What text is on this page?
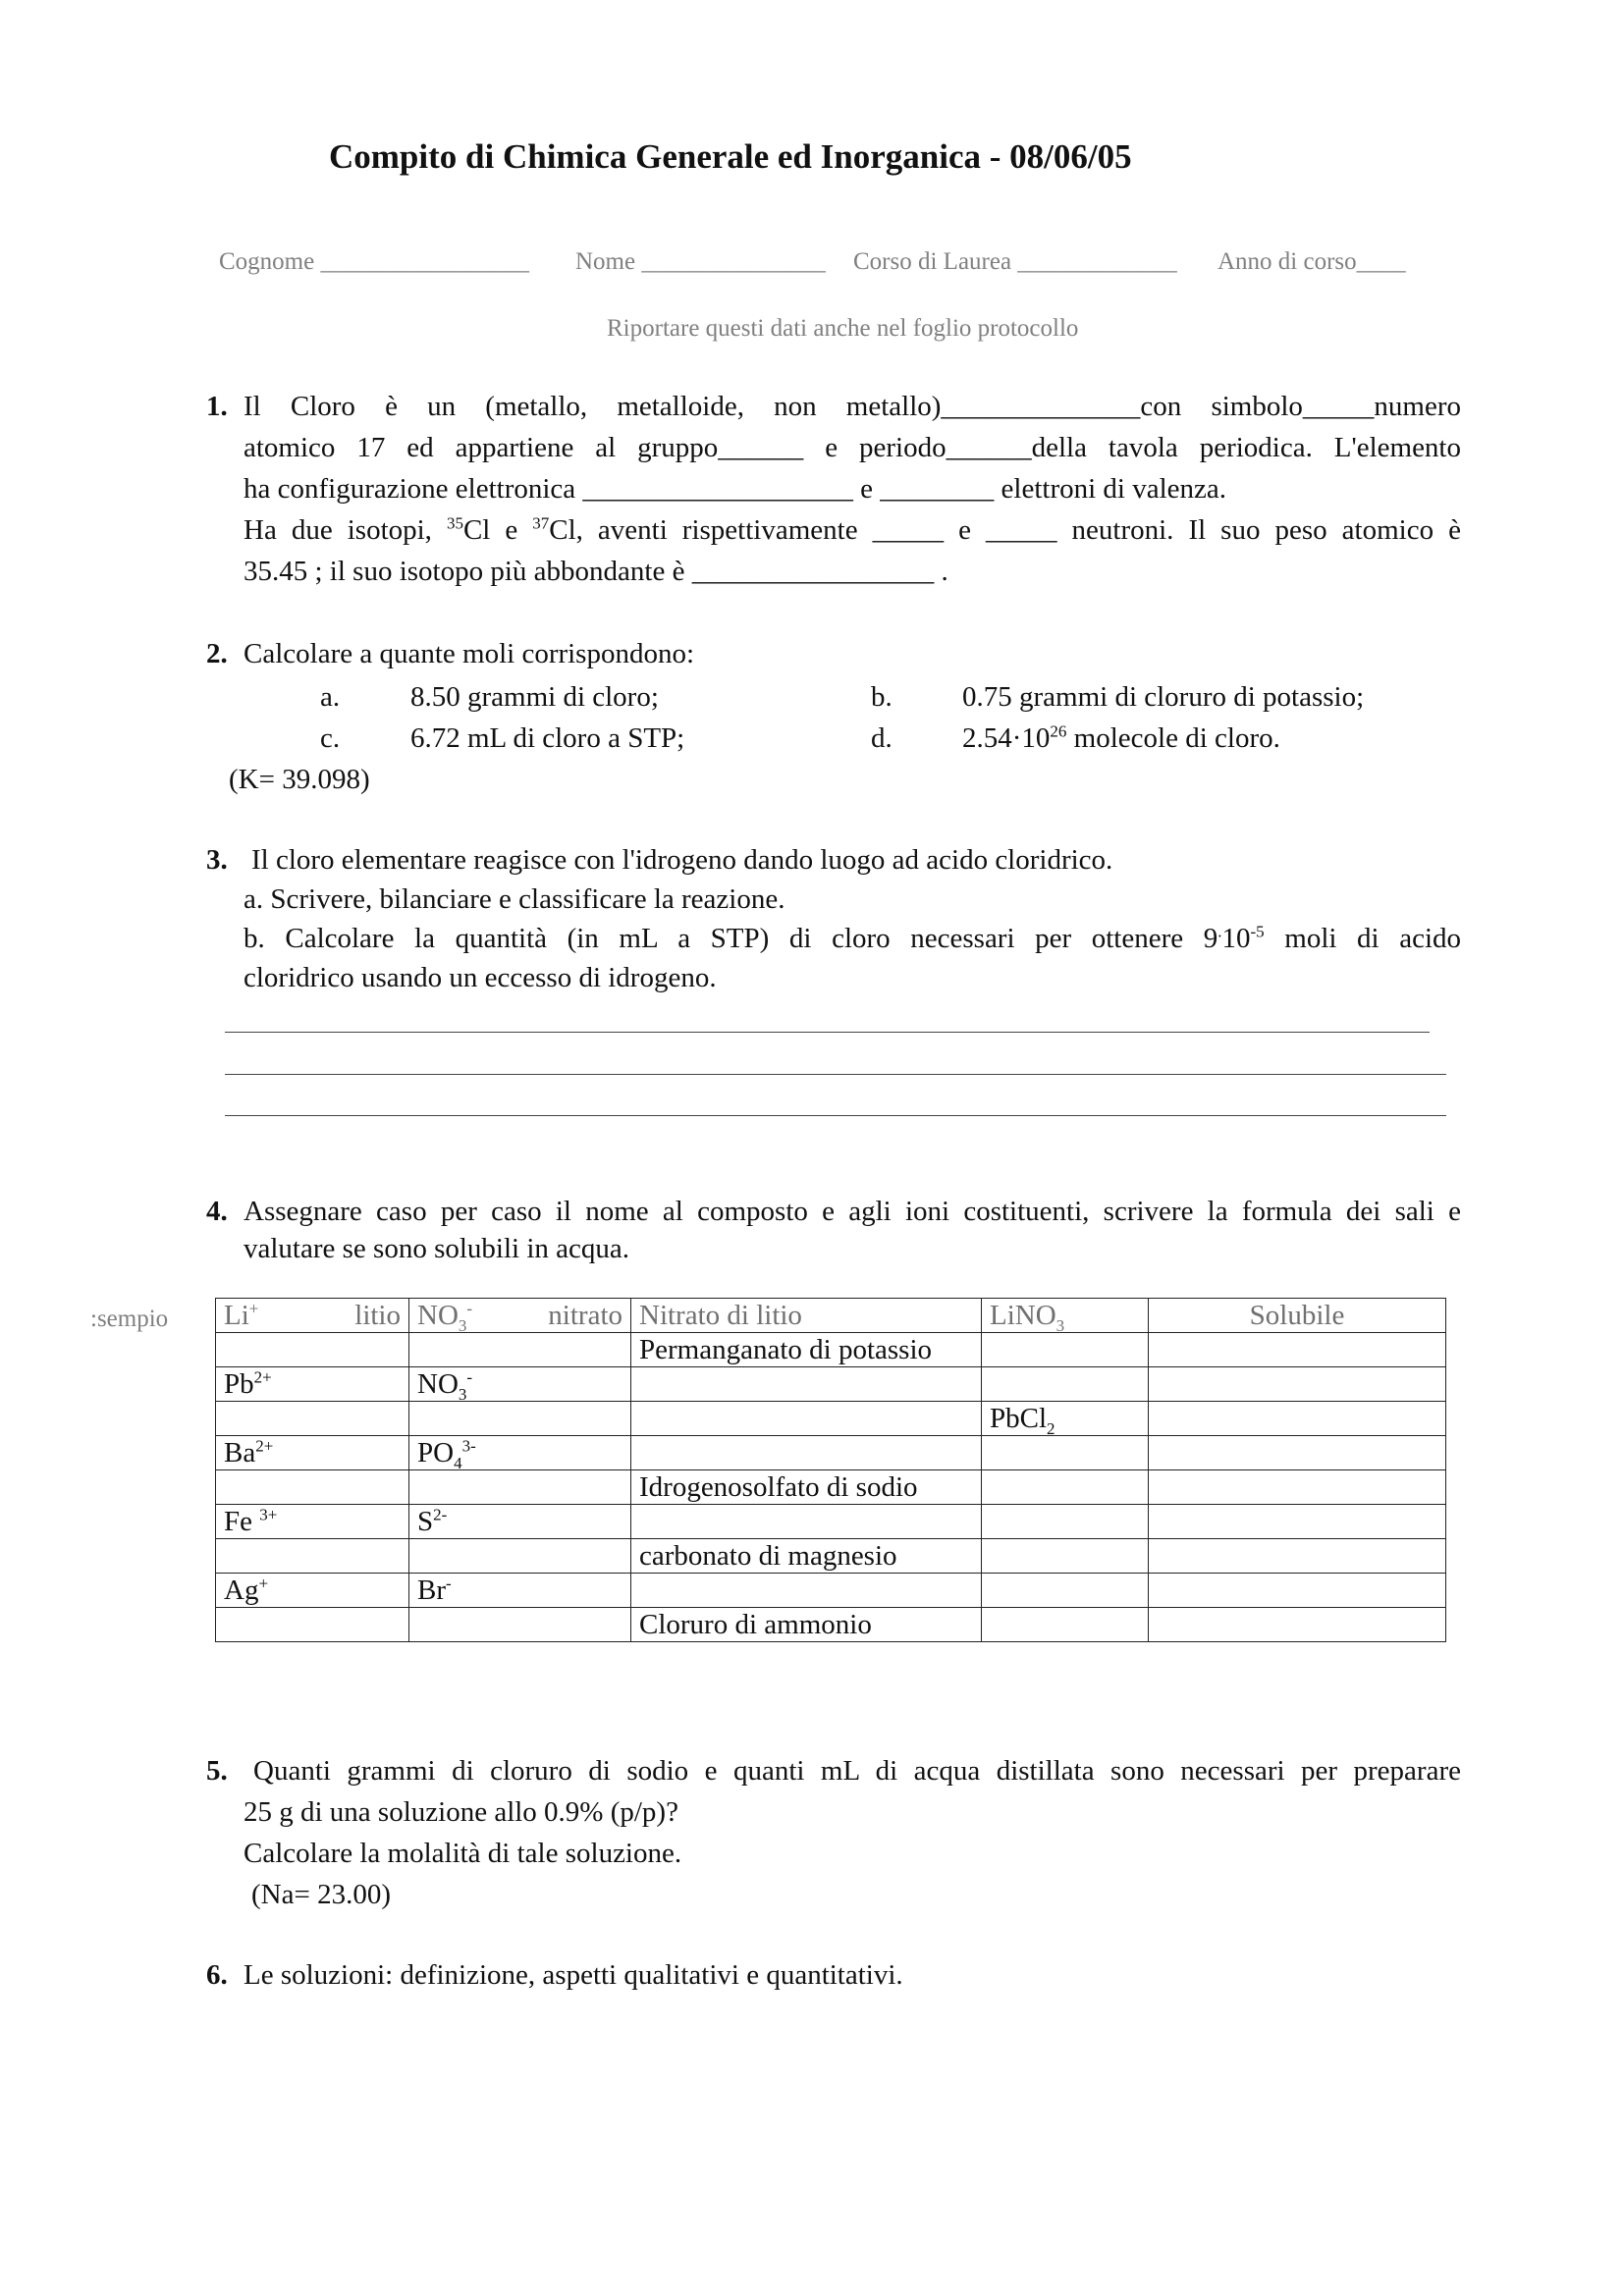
Compito di Chimica Generale ed Inorganica - 08/06/05
Cognome _________________ Nome _______________ Corso di Laurea _____________ Anno di corso____
Riportare questi dati anche nel foglio protocollo
1. Il Cloro è un (metallo, metalloide, non metallo)______________con simbolo_____numero
atomico 17 ed appartiene al gruppo______ e periodo______della tavola periodica. L'elemento
ha configurazione elettronica ___________________ e ________ elettroni di valenza.
Ha due isotopi, $^{35}$Cl e $^{37}$Cl, aventi rispettivamente _____ e _____ neutroni. Il suo peso atomico è
35.45 ; il suo isotopo più abbondante è _________________ .
2. Calcolare a quante moli corrispondono:
a. 8.50 grammi di cloro;	b. 0.75 grammi di cloruro di potassio;
c. 6.72 mL di cloro a STP;	d. $2.54\cdot 10^{26}$ molecole di cloro.
(K= 39.098)
3. Il cloro elementare reagisce con l'idrogeno dando luogo ad acido cloridrico.
a. Scrivere, bilanciare e classificare la reazione.
b. Calcolare la quantità (in mL a STP) di cloro necessari per ottenere $9^.10^{-5}$ moli di acido
cloridrico usando un eccesso di idrogeno.
4. Assegnare caso per caso il nome al composto e agli ioni costituenti, scrivere la formula dei sali e
valutare se sono solubili in acqua.
:sempio Li+ litio	$NO_3^-$ nitrato	Nitrato di litio	LiNO$_3$	Solubile
		Permanganato di potassio		
$Pb^{2+}$	$NO_3^-$			
			PbCl$_2$	
$Ba^{2+}$	$PO_4^{3-}$			
		Idrogenosolfato di sodio		
Fe $^{3+}$	$S^{2-}$			
		carbonato di magnesio		
Ag+	Br-			
		Cloruro di ammonio		
5. Quanti grammi di cloruro di sodio e quanti mL di acqua distillata sono necessari per preparare
25 g di una soluzione allo 0.9% (p/p)?
Calcolare la molalità di tale soluzione.
(Na= 23.00)
6. Le soluzioni: definizione, aspetti qualitativi e quantitativi.
